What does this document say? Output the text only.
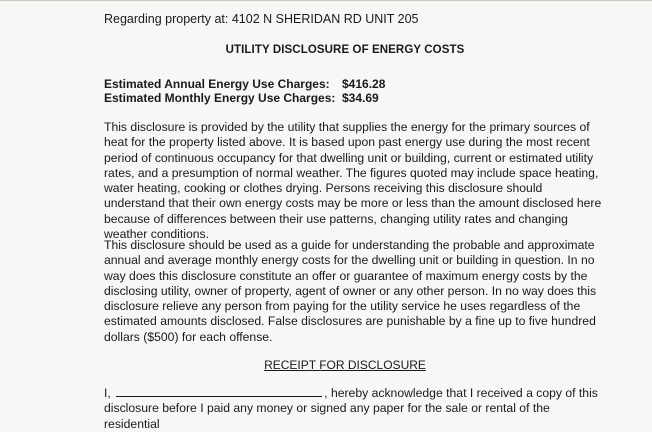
Regarding property at: 4102 N SHERIDAN RD UNIT 205
UTILITY DISCLOSURE OF ENERGY COSTS
Estimated Annual Energy Use Charges: $416.28
Estimated Monthly Energy Use Charges: $34.69

This disclosure is provided by the utility that supplies the energy for the primary sources of heat for the property listed above. It is based upon past energy use during the most recent period of continuous occupancy for that dwelling unit or building, current or estimated utility rates, and a presumption of normal weather. The figures quoted may include space heating, water heating, cooking or clothes drying. Persons receiving this disclosure should understand that their own energy costs may be more or less than the amount disclosed here because of differences between their use patterns, changing utility rates and changing weather conditions.

This disclosure should be used as a guide for understanding the probable and approximate annual and average monthly energy costs for the dwelling unit or building in question. In no way does this disclosure constitute an offer or guarantee of maximum energy costs by the disclosing utility, owner of property, agent of owner or any other person. In no way does this disclosure relieve any person from paying for the utility service he uses regardless of the estimated amounts disclosed. False disclosures are punishable by a fine up to five hundred dollars ($500) for each offense.

RECEIPT FOR DISCLOSURE

I,	, hereby acknowledge that I received a copy of this disclosure before I paid any money or signed any paper for the sale or rental of the residential
